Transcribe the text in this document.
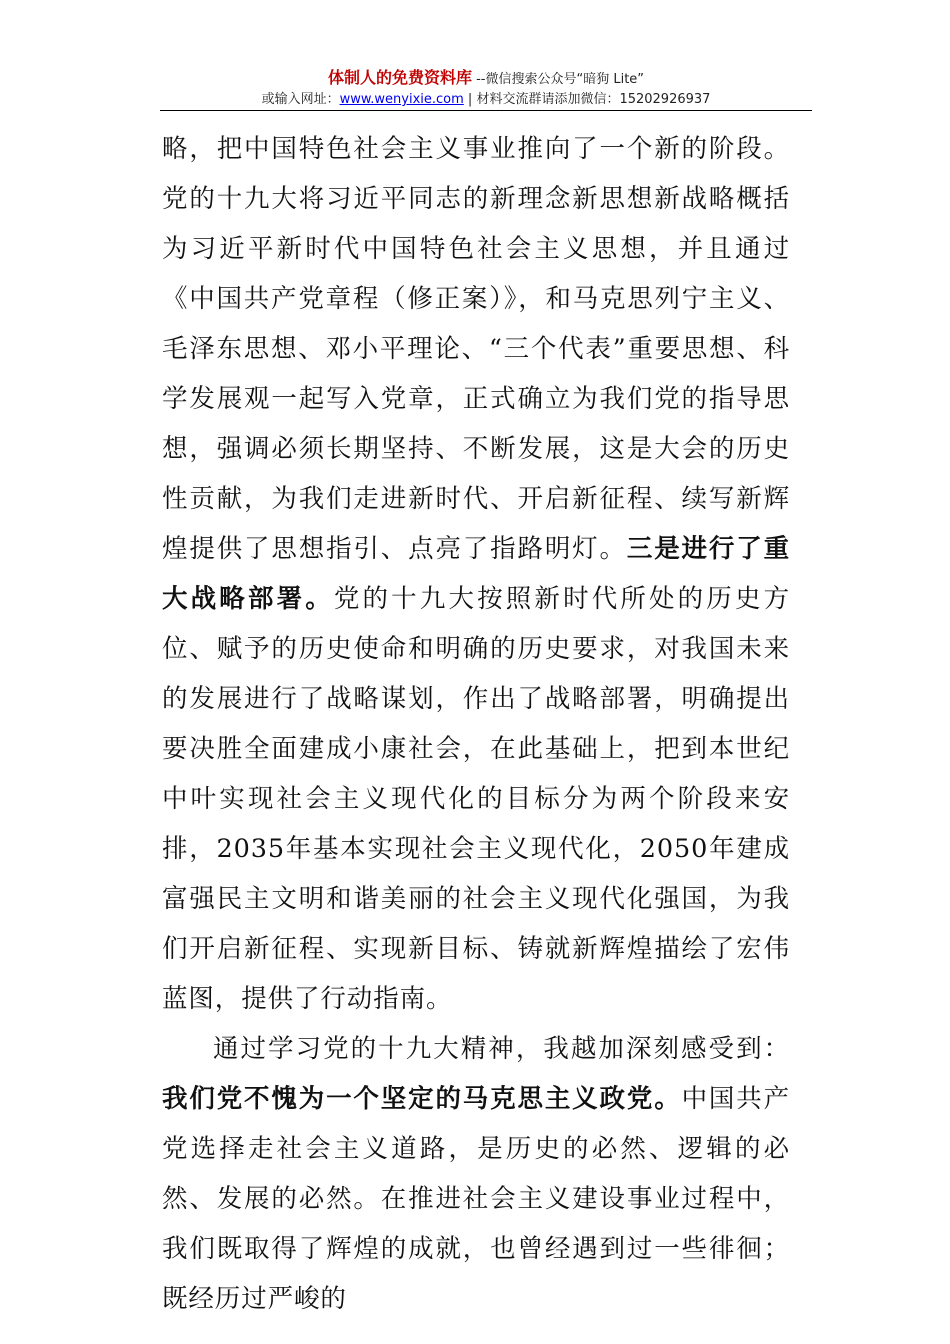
体制人的免费资料库 --微信搜索公众号“暗狗 Lite”
或输入网址：www.wenyixie.com | 材料交流群请添加微信：15202926937

略，把中国特色社会主义事业推向了一个新的阶段。党的十九大将习近平同志的新理念新思想新战略概括为习近平新时代中国特色社会主义思想，并且通过《中国共产党章程（修正案）》，和马克思列宁主义、毛泽东思想、邓小平理论、“三个代表”重要思想、科学发展观一起写入党章，正式确立为我们党的指导思想，强调必须长期坚持、不断发展，这是大会的历史性贡献，为我们走进新时代、开启新征程、续写新辉煌提供了思想指引、点亮了指路明灯。三是进行了重大战略部署。党的十九大按照新时代所处的历史方位、赋予的历史使命和明确的历史要求，对我国未来的发展进行了战略谋划，作出了战略部署，明确提出要决胜全面建成小康社会，在此基础上，把到本世纪中叶实现社会主义现代化的目标分为两个阶段来安排，2035年基本实现社会主义现代化，2050年建成富强民主文明和谐美丽的社会主义现代化强国，为我们开启新征程、实现新目标、铸就新辉煌描绘了宏伟蓝图，提供了行动指南。

通过学习党的十九大精神，我越加深刻感受到：我们党不愧为一个坚定的马克思主义政党。中国共产党选择走社会主义道路，是历史的必然、逻辑的必然、发展的必然。在推进社会主义建设事业过程中，我们既取得了辉煌的成就，也曾经遇到过一些徘徊；既经历过严峻的
